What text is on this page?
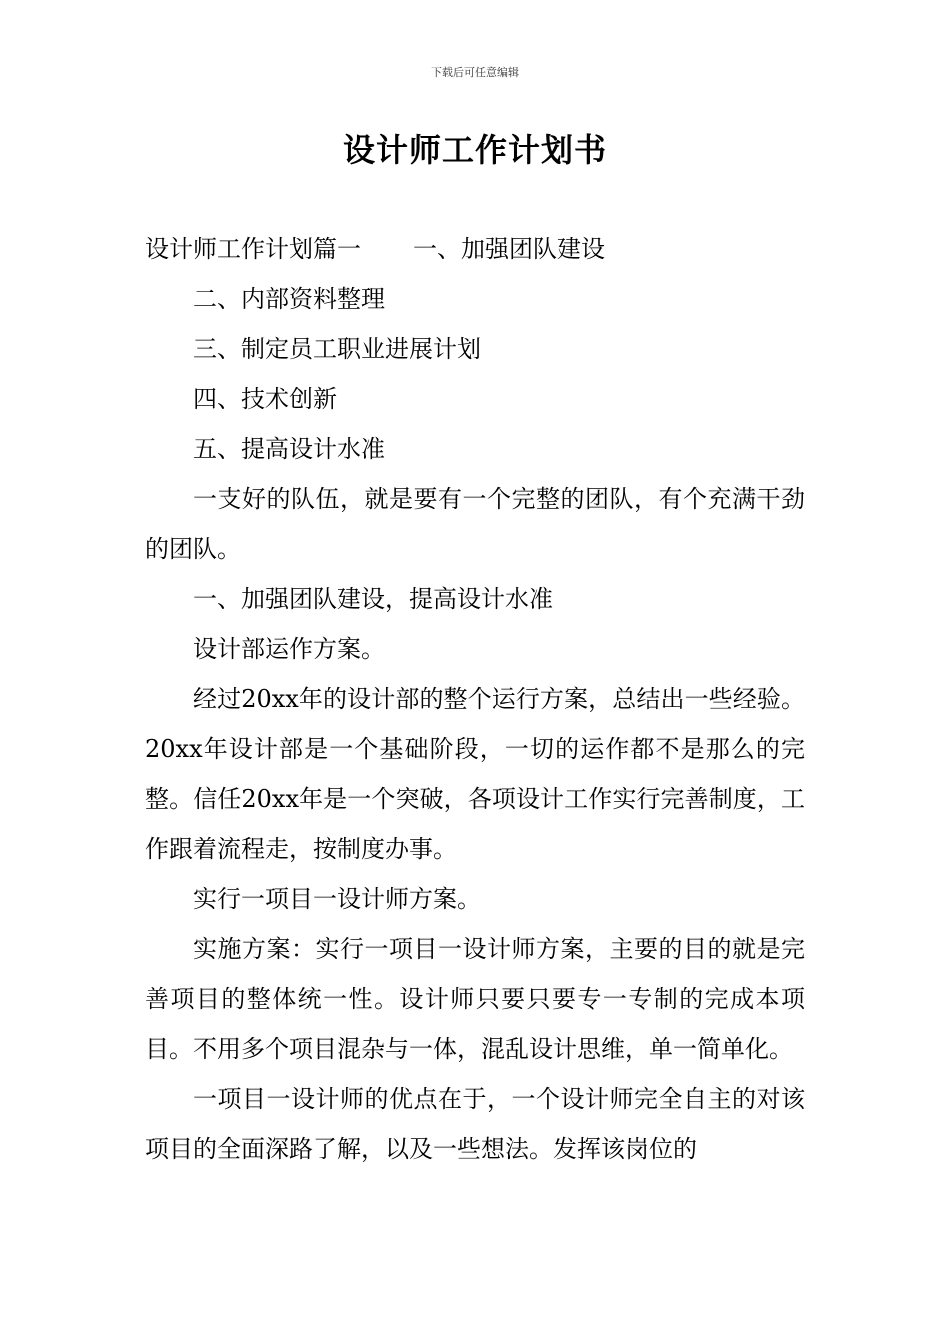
下载后可任意编辑
设计师工作计划书

设计师工作计划篇一 一、加强团队建设

二、内部资料整理

三、制定员工职业进展计划

四、技术创新

五、提高设计水准

一支好的队伍，就是要有一个完整的团队，有个充满干劲的团队。

一、加强团队建设，提高设计水准

设计部运作方案。

经过20xx年的设计部的整个运行方案，总结出一些经验。20xx年设计部是一个基础阶段，一切的运作都不是那么的完整。信任20xx年是一个突破，各项设计工作实行完善制度，工作跟着流程走，按制度办事。

实行一项目一设计师方案。

实施方案：实行一项目一设计师方案，主要的目的就是完善项目的整体统一性。设计师只要只要专一专制的完成本项目。不用多个项目混杂与一体，混乱设计思维，单一简单化。

一项目一设计师的优点在于，一个设计师完全自主的对该项目的全面深路了解，以及一些想法。发挥该岗位的
